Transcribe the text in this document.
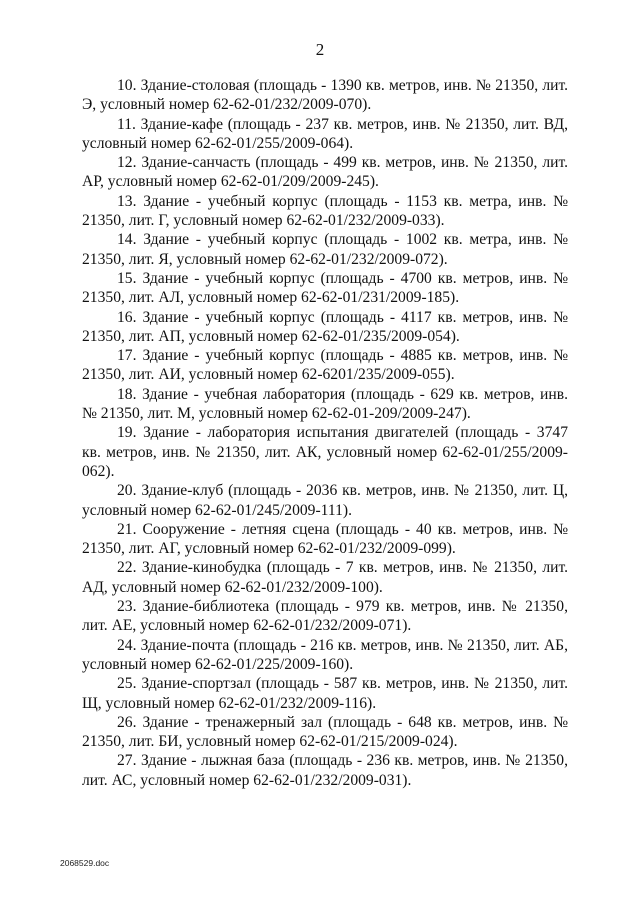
2

10. Здание-столовая (площадь - 1390 кв. метров, инв. № 21350, лит. Э, условный номер 62-62-01/232/2009-070).

11. Здание-кафе (площадь - 237 кв. метров, инв. № 21350, лит. ВД, условный номер 62-62-01/255/2009-064).

12. Здание-санчасть (площадь - 499 кв. метров, инв. № 21350, лит. АР, условный номер 62-62-01/209/2009-245).

13. Здание - учебный корпус (площадь - 1153 кв. метра, инв. № 21350, лит. Г, условный номер 62-62-01/232/2009-033).

14. Здание - учебный корпус (площадь - 1002 кв. метра, инв. № 21350, лит. Я, условный номер 62-62-01/232/2009-072).

15. Здание - учебный корпус (площадь - 4700 кв. метров, инв. № 21350, лит. АЛ, условный номер 62-62-01/231/2009-185).

16. Здание - учебный корпус (площадь - 4117 кв. метров, инв. № 21350, лит. АП, условный номер 62-62-01/235/2009-054).

17. Здание - учебный корпус (площадь - 4885 кв. метров, инв. № 21350, лит. АИ, условный номер 62-6201/235/2009-055).

18. Здание - учебная лаборатория (площадь - 629 кв. метров, инв. № 21350, лит. М, условный номер 62-62-01-209/2009-247).

19. Здание - лаборатория испытания двигателей (площадь - 3747 кв. метров, инв. № 21350, лит. АК, условный номер 62-62-01/255/2009-062).

20. Здание-клуб (площадь - 2036 кв. метров, инв. № 21350, лит. Ц, условный номер 62-62-01/245/2009-111).

21. Сооружение - летняя сцена (площадь - 40 кв. метров, инв. № 21350, лит. АГ, условный номер 62-62-01/232/2009-099).

22. Здание-кинобудка (площадь - 7 кв. метров, инв. № 21350, лит. АД, условный номер 62-62-01/232/2009-100).

23. Здание-библиотека (площадь - 979 кв. метров, инв. № 21350, лит. АЕ, условный номер 62-62-01/232/2009-071).

24. Здание-почта (площадь - 216 кв. метров, инв. № 21350, лит. АБ, условный номер 62-62-01/225/2009-160).

25. Здание-спортзал (площадь - 587 кв. метров, инв. № 21350, лит. Щ, условный номер 62-62-01/232/2009-116).

26. Здание - тренажерный зал (площадь - 648 кв. метров, инв. № 21350, лит. БИ, условный номер 62-62-01/215/2009-024).

27. Здание - лыжная база (площадь - 236 кв. метров, инв. № 21350, лит. АС, условный номер 62-62-01/232/2009-031).

2068529.doc
